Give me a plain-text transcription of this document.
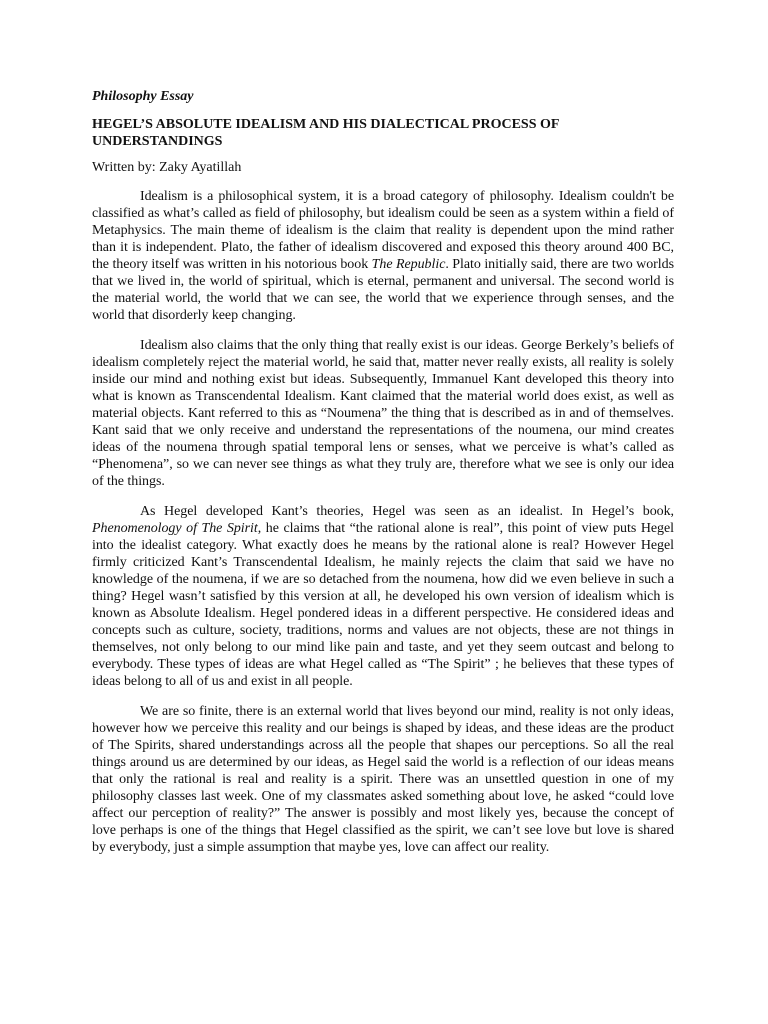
Philosophy Essay
HEGEL’S ABSOLUTE IDEALISM AND HIS DIALECTICAL PROCESS OF UNDERSTANDINGS
Written by: Zaky Ayatillah

Idealism is a philosophical system, it is a broad category of philosophy. Idealism couldn't be classified as what’s called as field of philosophy, but idealism could be seen as a system within a field of Metaphysics. The main theme of idealism is the claim that reality is dependent upon the mind rather than it is independent. Plato, the father of idealism discovered and exposed this theory around 400 BC, the theory itself was written in his notorious book The Republic. Plato initially said, there are two worlds that we lived in, the world of spiritual, which is eternal, permanent and universal. The second world is the material world, the world that we can see, the world that we experience through senses, and the world that disorderly keep changing.

Idealism also claims that the only thing that really exist is our ideas. George Berkely’s beliefs of idealism completely reject the material world, he said that, matter never really exists, all reality is solely inside our mind and nothing exist but ideas. Subsequently, Immanuel Kant developed this theory into what is known as Transcendental Idealism. Kant claimed that the material world does exist, as well as material objects. Kant referred to this as “Noumena” the thing that is described as in and of themselves. Kant said that we only receive and understand the representations of the noumena, our mind creates ideas of the noumena through spatial temporal lens or senses, what we perceive is what’s called as “Phenomena”, so we can never see things as what they truly are, therefore what we see is only our idea of the things.

As Hegel developed Kant’s theories, Hegel was seen as an idealist. In Hegel’s book, Phenomenology of The Spirit, he claims that “the rational alone is real”, this point of view puts Hegel into the idealist category. What exactly does he means by the rational alone is real? However Hegel firmly criticized Kant’s Transcendental Idealism, he mainly rejects the claim that said we have no knowledge of the noumena, if we are so detached from the noumena, how did we even believe in such a thing? Hegel wasn’t satisfied by this version at all, he developed his own version of idealism which is known as Absolute Idealism. Hegel pondered ideas in a different perspective. He considered ideas and concepts such as culture, society, traditions, norms and values are not objects, these are not things in themselves, not only belong to our mind like pain and taste, and yet they seem outcast and belong to everybody. These types of ideas are what Hegel called as “The Spirit” ; he believes that these types of ideas belong to all of us and exist in all people.

We are so finite, there is an external world that lives beyond our mind, reality is not only ideas, however how we perceive this reality and our beings is shaped by ideas, and these ideas are the product of The Spirits, shared understandings across all the people that shapes our perceptions. So all the real things around us are determined by our ideas, as Hegel said the world is a reflection of our ideas means that only the rational is real and reality is a spirit. There was an unsettled question in one of my philosophy classes last week. One of my classmates asked something about love, he asked “could love affect our perception of reality?” The answer is possibly and most likely yes, because the concept of love perhaps is one of the things that Hegel classified as the spirit, we can’t see love but love is shared by everybody, just a simple assumption that maybe yes, love can affect our reality.
